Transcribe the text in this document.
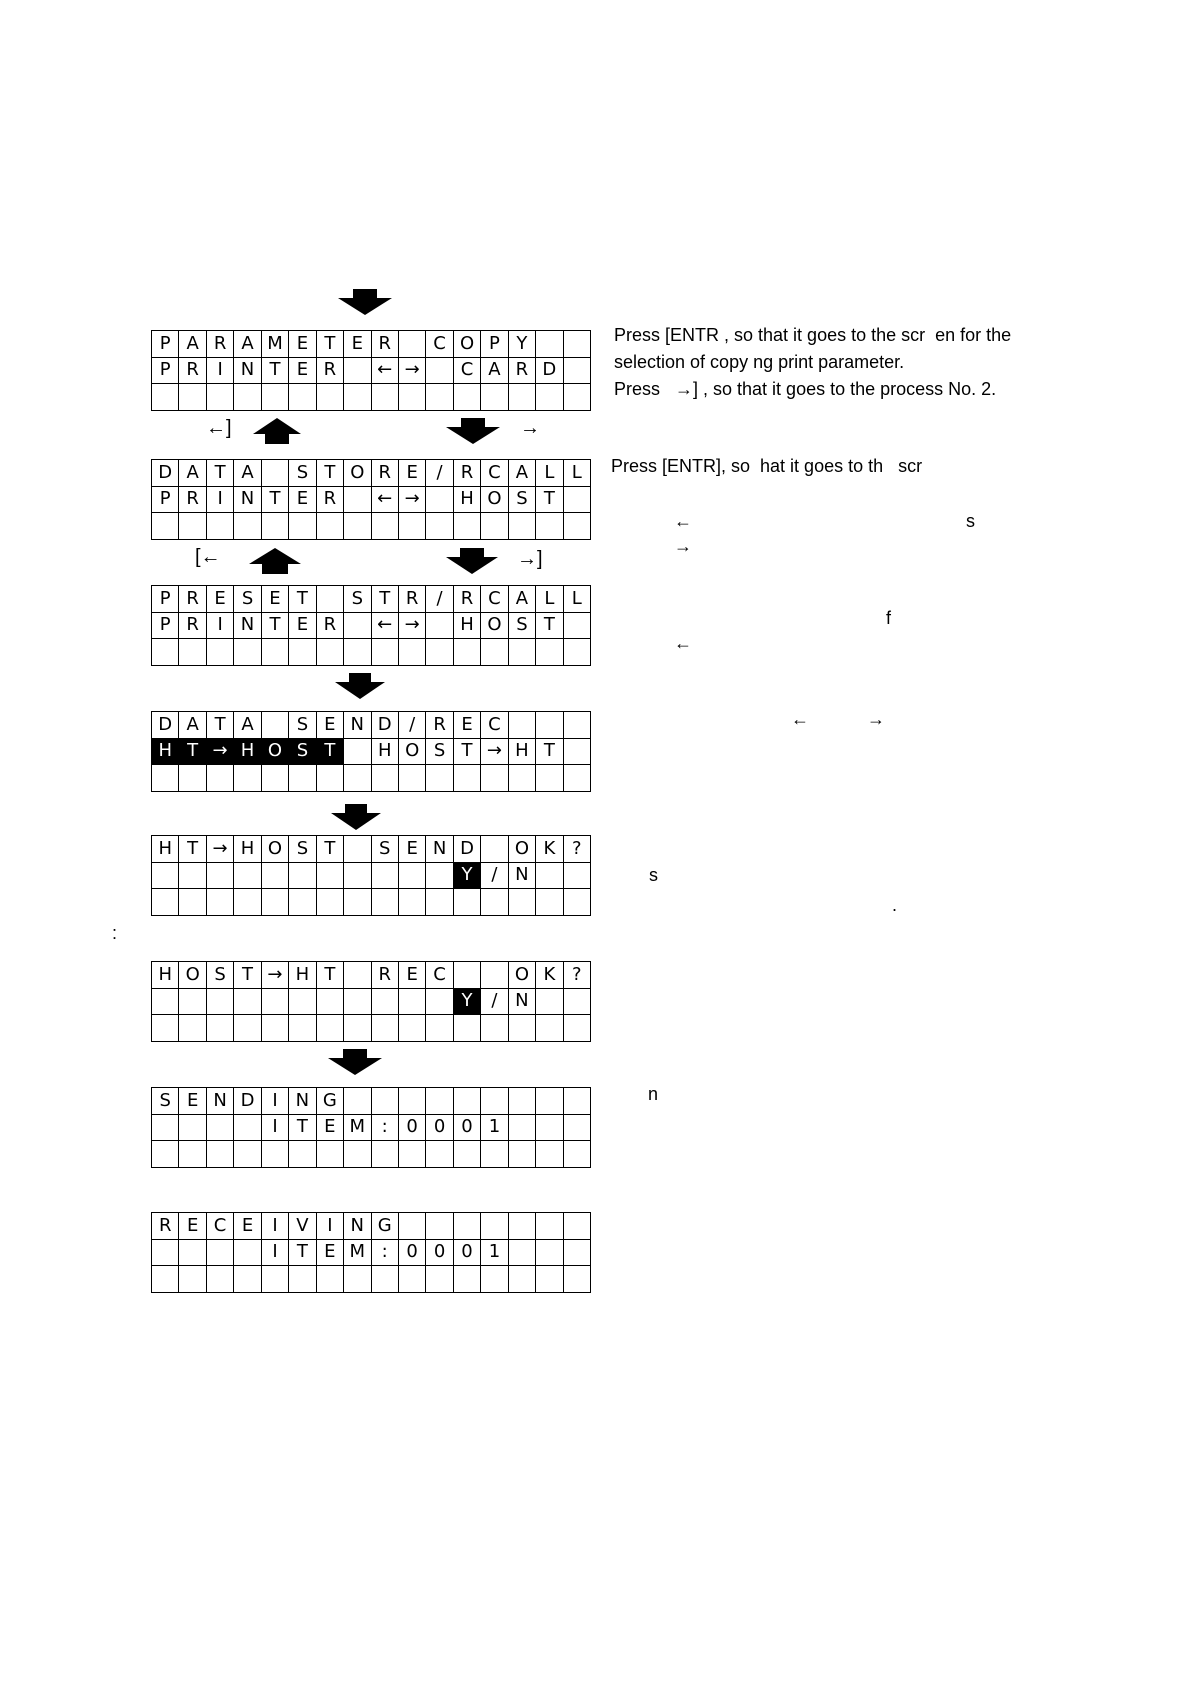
P A R A M E T E R	C O P Y
P R	I	N T E R	← →	C A R D
←]	→
D A T A	S T O R E	/	R C A L L
P R	I	N T E R	← →	H O S T
[←	→]
P R E S E T	S T R	/	R C A L L
P R	I	N T E R	← →	H O S T
D A T A	S E N D /	R E C
H T → H O S T	H O S T → H T
H T → H O S T	S E N D	O K ?
Y	/ N
H O S T → H T	R E C	O K ?
Y	/ N
S E N D I	N G
I	T E M :	0 0 0 1
R E C E	I	V	I	N G
I	T E M :	0 0 0 1
Press [ENTR , so that it goes to the scr  en for the
selection of copy ng print parameter.
Press   →] , so that it goes to the process No. 2.
Press [ENTR], so  hat it goes to th   scr
←	s
→
f
←
←	→
s
.
:
n
